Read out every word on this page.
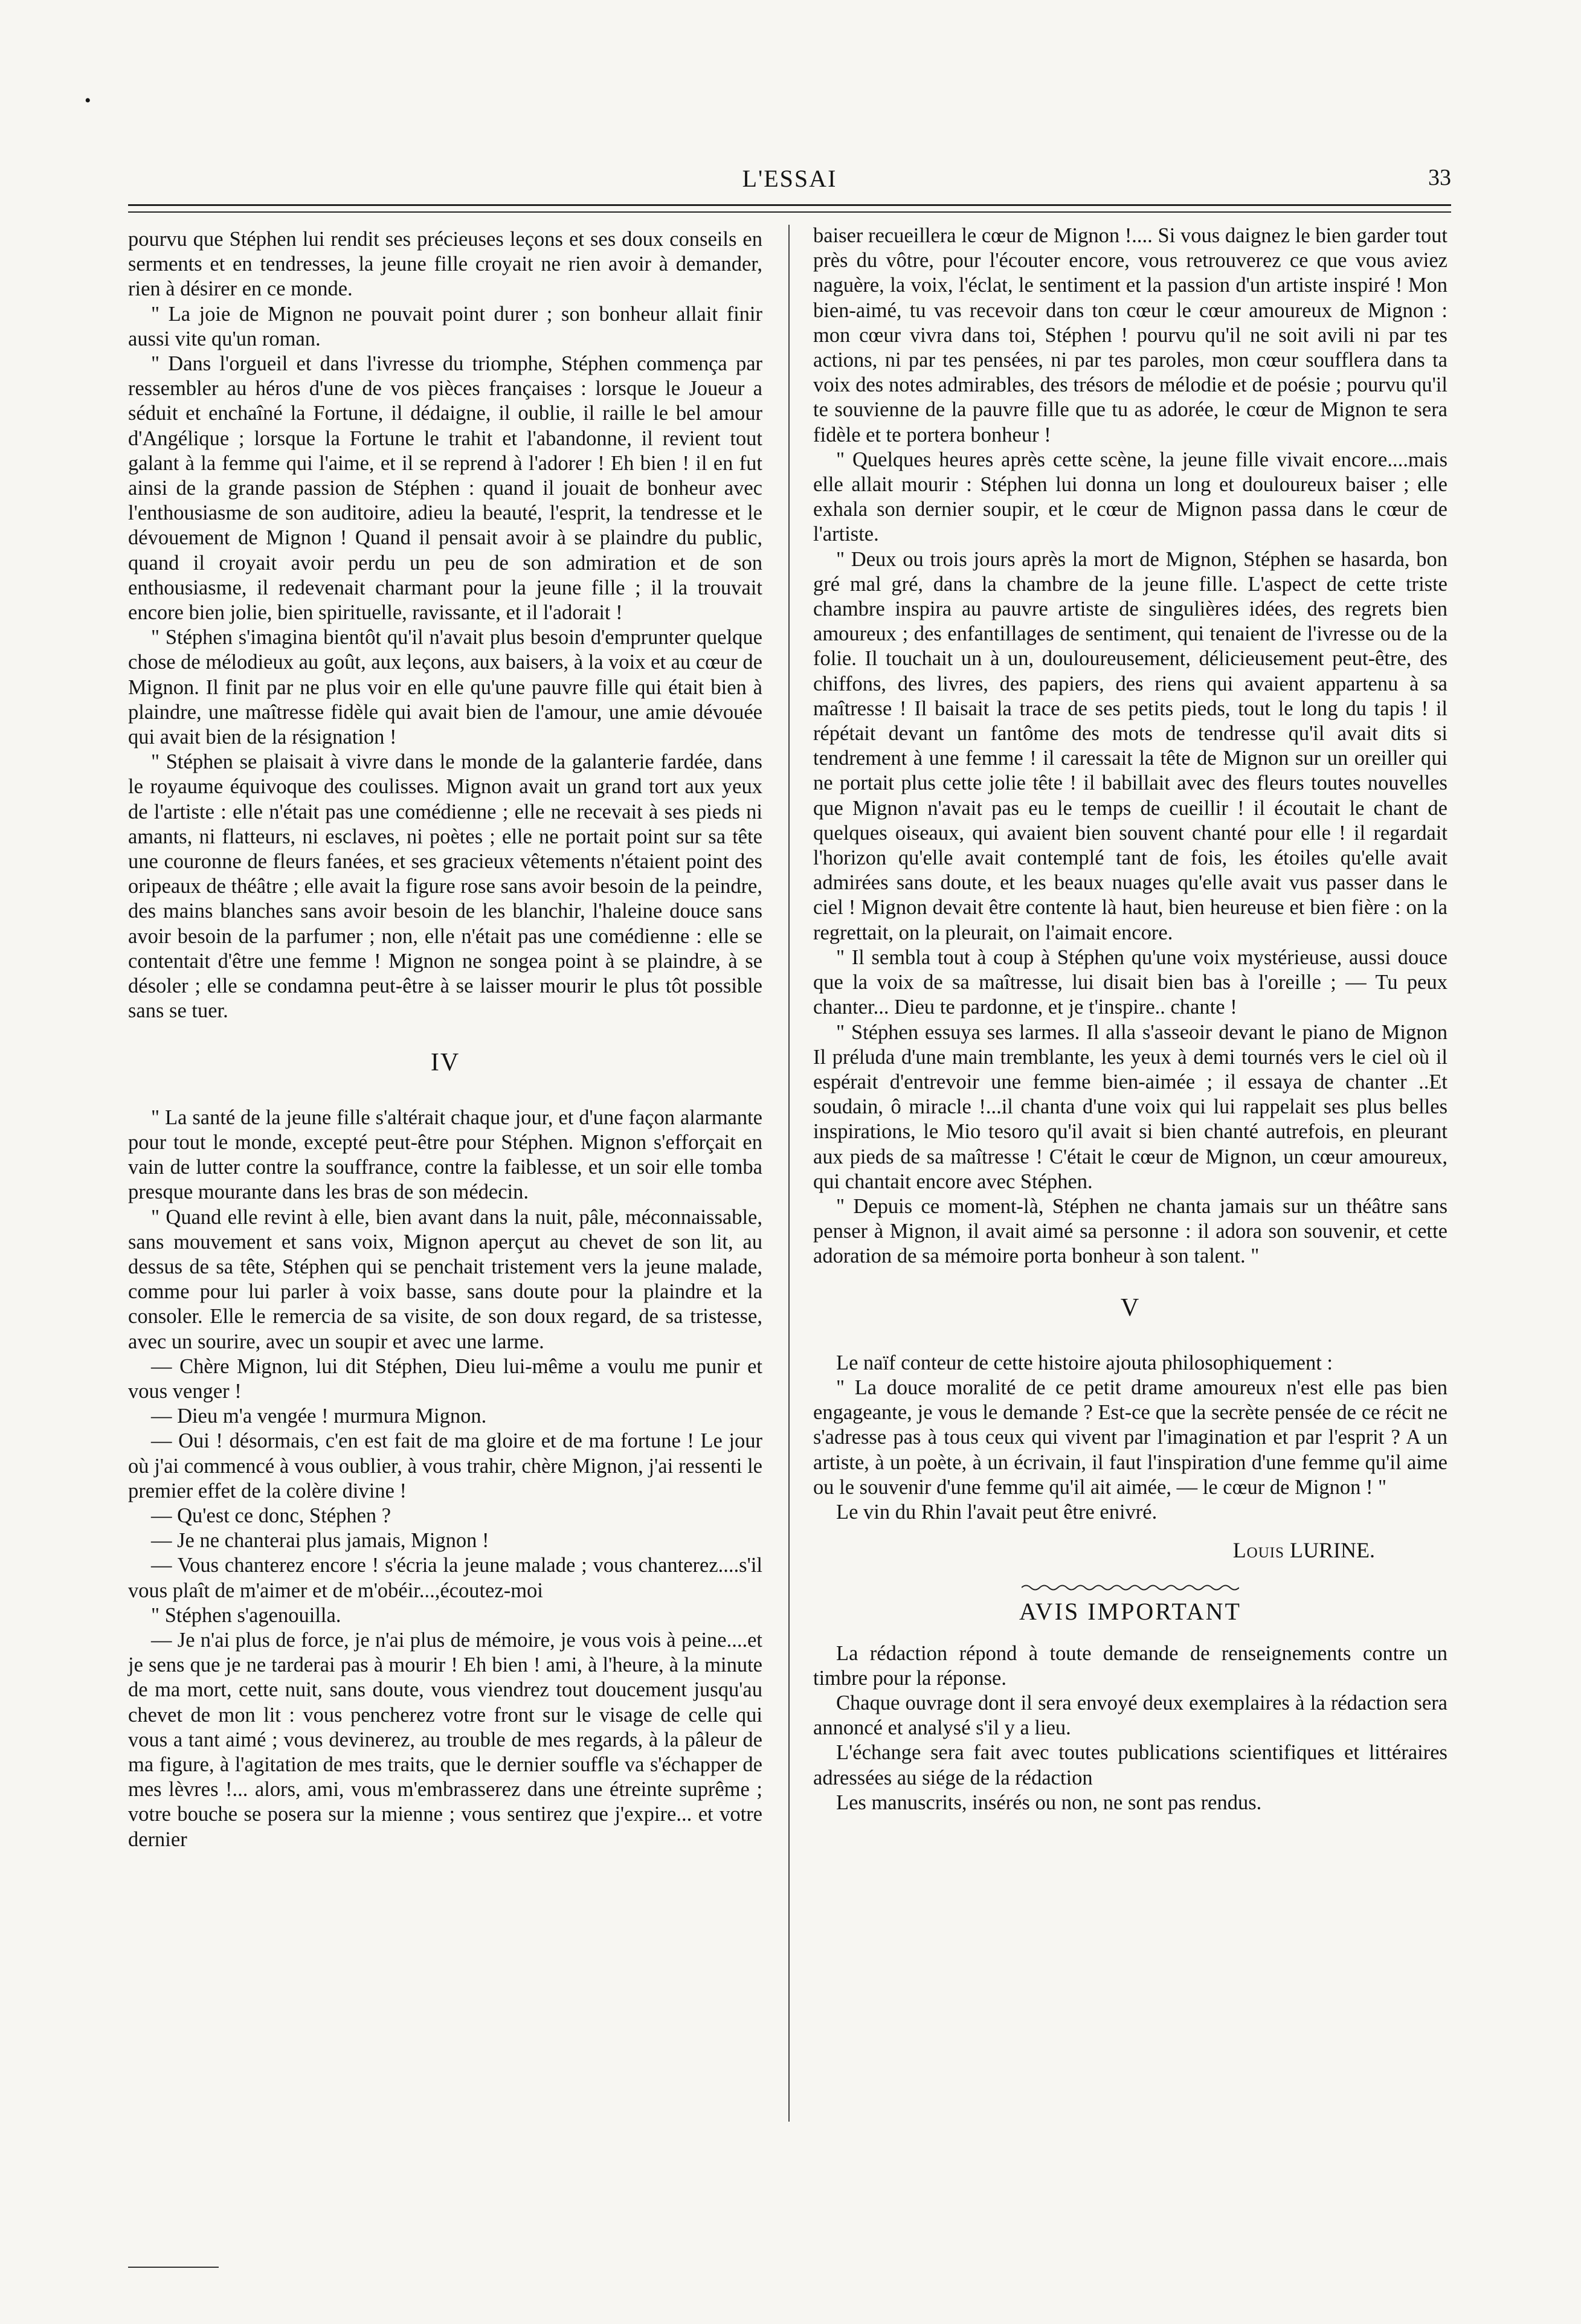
L'ESSAI	33

pourvu que Stéphen lui rendit ses précieuses leçons et ses doux conseils en serments et en tendresses, la jeune fille croyait ne rien avoir à demander, rien à désirer en ce monde.

" La joie de Mignon ne pouvait point durer ; son bonheur allait finir aussi vite qu'un roman.

" Dans l'orgueil et dans l'ivresse du triomphe, Stéphen commença par ressembler au héros d'une de vos pièces françaises : lorsque le Joueur a séduit et enchaîné la Fortune, il dédaigne, il oublie, il raille le bel amour d'Angélique ; lorsque la Fortune le trahit et l'abandonne, il revient tout galant à la femme qui l'aime, et il se reprend à l'adorer ! Eh bien ! il en fut ainsi de la grande passion de Stéphen : quand il jouait de bonheur avec l'enthousiasme de son auditoire, adieu la beauté, l'esprit, la tendresse et le dévouement de Mignon ! Quand il pensait avoir à se plaindre du public, quand il croyait avoir perdu un peu de son admiration et de son enthousiasme, il redevenait charmant pour la jeune fille ; il la trouvait encore bien jolie, bien spirituelle, ravissante, et il l'adorait !

" Stéphen s'imagina bientôt qu'il n'avait plus besoin d'emprunter quelque chose de mélodieux au goût, aux leçons, aux baisers, à la voix et au cœur de Mignon. Il finit par ne plus voir en elle qu'une pauvre fille qui était bien à plaindre, une maîtresse fidèle qui avait bien de l'amour, une amie dévouée qui avait bien de la résignation !

" Stéphen se plaisait à vivre dans le monde de la galanterie fardée, dans le royaume équivoque des coulisses. Mignon avait un grand tort aux yeux de l'artiste : elle n'était pas une comédienne ; elle ne recevait à ses pieds ni amants, ni flatteurs, ni esclaves, ni poètes ; elle ne portait point sur sa tête une couronne de fleurs fanées, et ses gracieux vêtements n'étaient point des oripeaux de théâtre ; elle avait la figure rose sans avoir besoin de la peindre, des mains blanches sans avoir besoin de les blanchir, l'haleine douce sans avoir besoin de la parfumer ; non, elle n'était pas une comédienne : elle se contentait d'être une femme ! Mignon ne songea point à se plaindre, à se désoler ; elle se condamna peut-être à se laisser mourir le plus tôt possible sans se tuer.

IV

" La santé de la jeune fille s'altérait chaque jour, et d'une façon alarmante pour tout le monde, excepté peut-être pour Stéphen. Mignon s'efforçait en vain de lutter contre la souffrance, contre la faiblesse, et un soir elle tomba presque mourante dans les bras de son médecin.

" Quand elle revint à elle, bien avant dans la nuit, pâle, méconnaissable, sans mouvement et sans voix, Mignon aperçut au chevet de son lit, au dessus de sa tête, Stéphen qui se penchait tristement vers la jeune malade, comme pour lui parler à voix basse, sans doute pour la plaindre et la consoler. Elle le remercia de sa visite, de son doux regard, de sa tristesse, avec un sourire, avec un soupir et avec une larme.

— Chère Mignon, lui dit Stéphen, Dieu lui-même a voulu me punir et vous venger !

— Dieu m'a vengée ! murmura Mignon.

— Oui ! désormais, c'en est fait de ma gloire et de ma fortune ! Le jour où j'ai commencé à vous oublier, à vous trahir, chère Mignon, j'ai ressenti le premier effet de la colère divine !

— Qu'est ce donc, Stéphen ?

— Je ne chanterai plus jamais, Mignon !

— Vous chanterez encore ! s'écria la jeune malade ; vous chanterez....s'il vous plaît de m'aimer et de m'obéir...,écoutez-moi

" Stéphen s'agenouilla.

— Je n'ai plus de force, je n'ai plus de mémoire, je vous vois à peine....et je sens que je ne tarderai pas à mourir ! Eh bien ! ami, à l'heure, à la minute de ma mort, cette nuit, sans doute, vous viendrez tout doucement jusqu'au chevet de mon lit : vous pencherez votre front sur le visage de celle qui vous a tant aimé ; vous devinerez, au trouble de mes regards, à la pâleur de ma figure, à l'agitation de mes traits, que le dernier souffle va s'échapper de mes lèvres !... alors, ami, vous m'embrasserez dans une étreinte suprême ; votre bouche se posera sur la mienne ; vous sentirez que j'expire... et votre dernier

baiser recueillera le cœur de Mignon !.... Si vous daignez le bien garder tout près du vôtre, pour l'écouter encore, vous retrouverez ce que vous aviez naguère, la voix, l'éclat, le sentiment et la passion d'un artiste inspiré ! Mon bien-aimé, tu vas recevoir dans ton cœur le cœur amoureux de Mignon : mon cœur vivra dans toi, Stéphen ! pourvu qu'il ne soit avili ni par tes actions, ni par tes pensées, ni par tes paroles, mon cœur soufflera dans ta voix des notes admirables, des trésors de mélodie et de poésie ; pourvu qu'il te souvienne de la pauvre fille que tu as adorée, le cœur de Mignon te sera fidèle et te portera bonheur !

" Quelques heures après cette scène, la jeune fille vivait encore....mais elle allait mourir : Stéphen lui donna un long et douloureux baiser ; elle exhala son dernier soupir, et le cœur de Mignon passa dans le cœur de l'artiste.

" Deux ou trois jours après la mort de Mignon, Stéphen se hasarda, bon gré mal gré, dans la chambre de la jeune fille. L'aspect de cette triste chambre inspira au pauvre artiste de singulières idées, des regrets bien amoureux ; des enfantillages de sentiment, qui tenaient de l'ivresse ou de la folie. Il touchait un à un, douloureusement, délicieusement peut-être, des chiffons, des livres, des papiers, des riens qui avaient appartenu à sa maîtresse ! Il baisait la trace de ses petits pieds, tout le long du tapis ! il répétait devant un fantôme des mots de tendresse qu'il avait dits si tendrement à une femme ! il caressait la tête de Mignon sur un oreiller qui ne portait plus cette jolie tête ! il babillait avec des fleurs toutes nouvelles que Mignon n'avait pas eu le temps de cueillir ! il écoutait le chant de quelques oiseaux, qui avaient bien souvent chanté pour elle ! il regardait l'horizon qu'elle avait contemplé tant de fois, les étoiles qu'elle avait admirées sans doute, et les beaux nuages qu'elle avait vus passer dans le ciel ! Mignon devait être contente là haut, bien heureuse et bien fière : on la regrettait, on la pleurait, on l'aimait encore.

" Il sembla tout à coup à Stéphen qu'une voix mystérieuse, aussi douce que la voix de sa maîtresse, lui disait bien bas à l'oreille ; — Tu peux chanter... Dieu te pardonne, et je t'inspire.. chante !

" Stéphen essuya ses larmes. Il alla s'asseoir devant le piano de Mignon Il préluda d'une main tremblante, les yeux à demi tournés vers le ciel où il espérait d'entrevoir une femme bien-aimée ; il essaya de chanter ..Et soudain, ô miracle !...il chanta d'une voix qui lui rappelait ses plus belles inspirations, le Mio tesoro qu'il avait si bien chanté autrefois, en pleurant aux pieds de sa maîtresse ! C'était le cœur de Mignon, un cœur amoureux, qui chantait encore avec Stéphen.

" Depuis ce moment-là, Stéphen ne chanta jamais sur un théâtre sans penser à Mignon, il avait aimé sa personne : il adora son souvenir, et cette adoration de sa mémoire porta bonheur à son talent. "

V

Le naïf conteur de cette histoire ajouta philosophiquement :

" La douce moralité de ce petit drame amoureux n'est elle pas bien engageante, je vous le demande ? Est-ce que la secrète pensée de ce récit ne s'adresse pas à tous ceux qui vivent par l'imagination et par l'esprit ? A un artiste, à un poète, à un écrivain, il faut l'inspiration d'une femme qu'il aime ou le souvenir d'une femme qu'il ait aimée, — le cœur de Mignon ! "

Le vin du Rhin l'avait peut être enivré.

Louis LURINE.
AVIS IMPORTANT

La rédaction répond à toute demande de renseignements contre un timbre pour la réponse.

Chaque ouvrage dont il sera envoyé deux exemplaires à la rédaction sera annoncé et analysé s'il y a lieu.

L'échange sera fait avec toutes publications scientifiques et littéraires adressées au siége de la rédaction

Les manuscrits, insérés ou non, ne sont pas rendus.

•
